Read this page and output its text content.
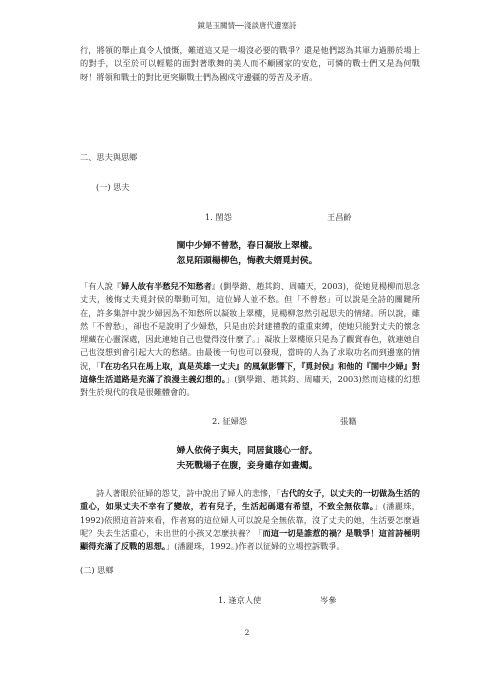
鏡是玉關情──淺談唐代邊塞詩

行，將領的舉止真令人憤慨，難道這又是一場沒必要的戰爭？還是他們認為其軍力過勝於場上的對手，以至於可以輕鬆的面對著歌舞的美人而不顧國家的安危，可憐的戰士們又是為何戰呀！將領和戰士的對比更突顯戰士們為國戍守邊疆的勞苦及矛盾。

二、思夫與思鄉

(一) 思夫

1. 閨怨	王昌齡

閨中少婦不曾愁，春日凝妝上翠樓。

忽見陌頭楊柳色，悔教夫婿覓封侯。

「有人說『婦人故有半愁兒不知愁者』(劉學鍇、趙其鈞、周嘯天，2003)，從她見楊柳而思念丈夫，後悔丈夫覓封侯的舉動可知，這位婦人並不愁。但「不曾愁」可以說是全詩的關鍵所在，許多集評中說少婦因為不知愁所以凝妝上翠樓，見楊柳忽然引起思夫的情緒。所以說，雖然「不曾愁」，卻也不是說明了少婦愁，只是由於封建禮教的重重束縛，使她只能對丈夫的懷念埋藏在心靈深處，因此連她自己也覺得沒什麼了。」凝妝上翠樓原只是為了觀賞春色，就連她自己也沒想到會引起大大的愁緒。由最後一句也可以發現，當時的人為了求取功名而到邊塞的情況，「『在功名只在馬上取，真是英雄一丈夫』的風氣影響下，『覓封侯』和他的『閨中少婦』對這條生活道路是充滿了浪漫主義幻想的。」(劉學鍇、趙其鈞、周嘯天，2003)然而這樣的幻想對生於現代的我是很難體會的。

2. 征婦怨	張籍

婦人依倚子與夫，同居貧賤心一舒。

夫死戰場子在腹，妾身雖存如晝燭。

詩人著眼於征婦的怨艾，詩中說出了婦人的悲慘，「古代的女子，以丈夫的一切做為生活的重心，如果丈夫不幸有了變故，若有兒子，生活起碼還有希望，不致全無依靠。」(潘麗珠，1992)依照這首詩來看，作者寫的這位婦人可以說是全無依靠，沒了丈夫的她，生活要怎麼過呢？失去生活重心，未出世的小孩又怎麼扶養？「而這一切是誰惹的禍？是戰爭！這首詩極明顯得充滿了反戰的思想。」(潘麗珠，1992。)作者以征婦的立場控訴戰爭。

(二) 思鄉

1. 逢京人使	岑參

2
